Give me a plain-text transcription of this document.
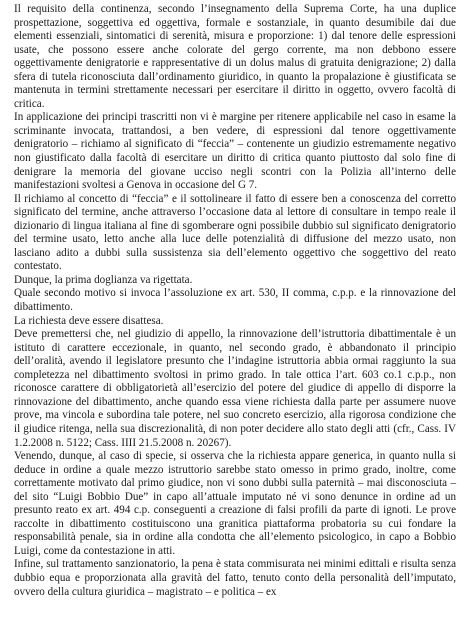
Il requisito della continenza, secondo l’insegnamento della Suprema Corte, ha una duplice prospettazione, soggettiva ed oggettiva, formale e sostanziale, in quanto desumibile dai due elementi essenziali, sintomatici di serenità, misura e proporzione: 1) dal tenore delle espressioni usate, che possono essere anche colorate del gergo corrente, ma non debbono essere oggettivamente denigratorie e rappresentative di un dolus malus di gratuita denigrazione; 2) dalla sfera di tutela riconosciuta dall’ordinamento giuridico, in quanto la propalazione è giustificata se mantenuta in termini strettamente necessari per esercitare il diritto in oggetto, ovvero facoltà di critica.

In applicazione dei principi trascritti non vi è margine per ritenere applicabile nel caso in esame la scriminante invocata, trattandosi, a ben vedere, di espressioni dal tenore oggettivamente denigratorio – richiamo al significato di “feccia” – contenente un giudizio estremamente negativo non giustificato dalla facoltà di esercitare un diritto di critica quanto piuttosto dal solo fine di denigrare la memoria del giovane ucciso negli scontri con la Polizia all’interno delle manifestazioni svoltesi a Genova in occasione del G 7.

Il richiamo al concetto di “feccia” e il sottolineare il fatto di essere ben a conoscenza del corretto significato del termine, anche attraverso l’occasione data al lettore di consultare in tempo reale il dizionario di lingua italiana al fine di sgomberare ogni possibile dubbio sul significato denigratorio del termine usato, letto anche alla luce delle potenzialità di diffusione del mezzo usato, non lasciano adito a dubbi sulla sussistenza sia dell’elemento oggettivo che soggettivo del reato contestato.

Dunque, la prima doglianza va rigettata.

Quale secondo motivo si invoca l’assoluzione ex art. 530, II comma, c.p.p. e la rinnovazione del dibattimento.

La richiesta deve essere disattesa.

Deve premettersi che, nel giudizio di appello, la rinnovazione dell’istruttoria dibattimentale è un istituto di carattere eccezionale, in quanto, nel secondo grado, è abbandonato il principio dell’oralità, avendo il legislatore presunto che l’indagine istruttoria abbia ormai raggiunto la sua completezza nel dibattimento svoltosi in primo grado. In tale ottica l’art. 603 co.1 c.p.p., non riconosce carattere di obbligatorietà all’esercizio del potere del giudice di appello di disporre la rinnovazione del dibattimento, anche quando essa viene richiesta dalla parte per assumere nuove prove, ma vincola e subordina tale potere, nel suo concreto esercizio, alla rigorosa condizione che il giudice ritenga, nella sua discrezionalità, di non poter decidere allo stato degli atti (cfr., Cass. IV 1.2.2008 n. 5122; Cass. IIII 21.5.2008 n. 20267).

Venendo, dunque, al caso di specie, si osserva che la richiesta appare generica, in quanto nulla si deduce in ordine a quale mezzo istruttorio sarebbe stato omesso in primo grado, inoltre, come correttamente motivato dal primo giudice, non vi sono dubbi sulla paternità – mai disconosciuta – del sito “Luigi Bobbio Due” in capo all’attuale imputato né vi sono denunce in ordine ad un presunto reato ex art. 494 c.p. conseguenti a creazione di falsi profili da parte di ignoti. Le prove raccolte in dibattimento costituiscono una granitica piattaforma probatoria su cui fondare la responsabilità penale, sia in ordine alla condotta che all’elemento psicologico, in capo a Bobbio Luigi, come da contestazione in atti.

Infine, sul trattamento sanzionatorio, la pena è stata commisurata nei minimi edittali e risulta senza dubbio equa e proporzionata alla gravità del fatto, tenuto conto della personalità dell’imputato, ovvero della cultura giuridica – magistrato – e politica – ex
